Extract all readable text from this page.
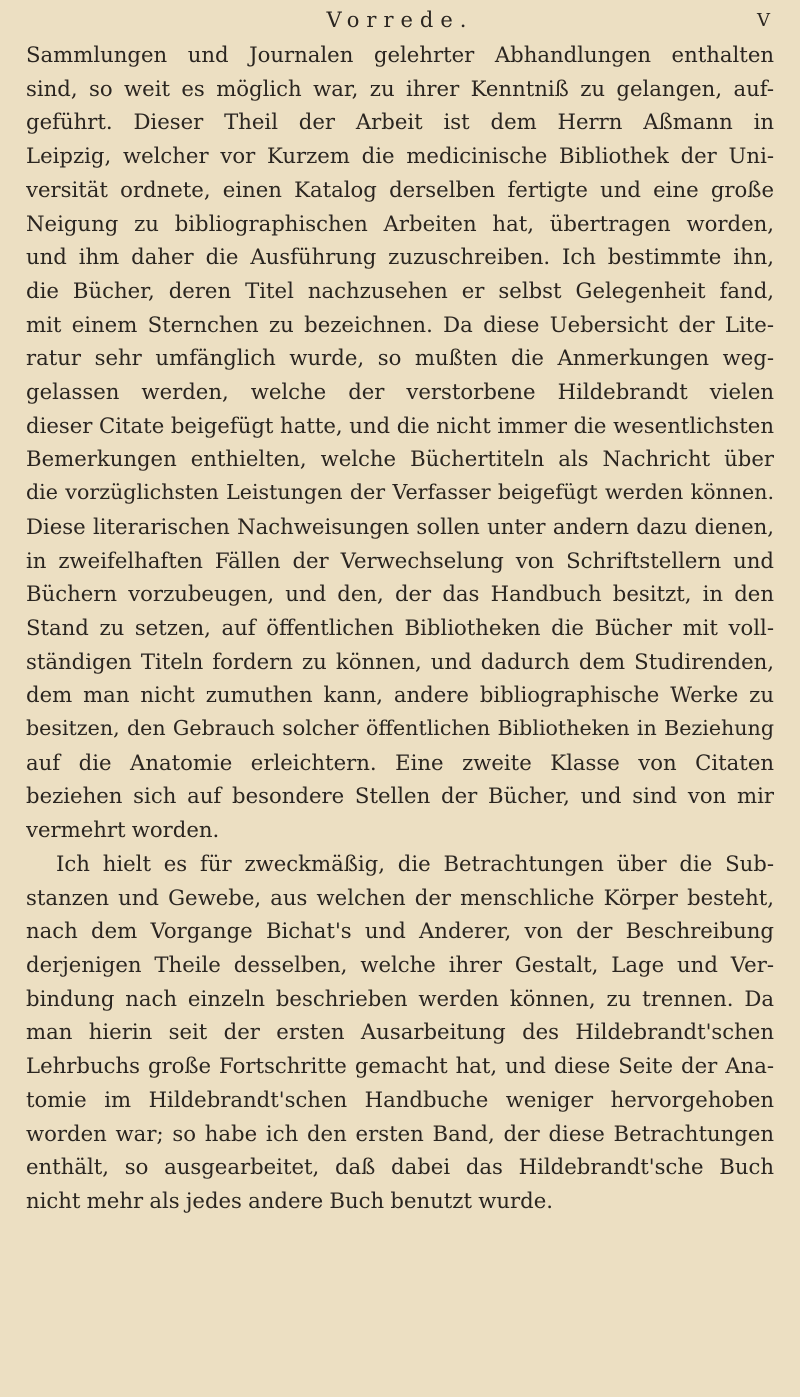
Vorrede.	V

Sammlungen und Journalen gelehrter Abhandlungen enthalten
sind, so weit es möglich war, zu ihrer Kenntniß zu gelangen, auf-
geführt. Dieser Theil der Arbeit ist dem Herrn Aßmann in
Leipzig, welcher vor Kurzem die medicinische Bibliothek der Uni-
versität ordnete, einen Katalog derselben fertigte und eine große
Neigung zu bibliographischen Arbeiten hat, übertragen worden,
und ihm daher die Ausführung zuzuschreiben. Ich bestimmte ihn,
die Bücher, deren Titel nachzusehen er selbst Gelegenheit fand,
mit einem Sternchen zu bezeichnen. Da diese Uebersicht der Lite-
ratur sehr umfänglich wurde, so mußten die Anmerkungen weg-
gelassen werden, welche der verstorbene Hildebrandt vielen
dieser Citate beigefügt hatte, und die nicht immer die wesentlichsten
Bemerkungen enthielten, welche Büchertiteln als Nachricht über
die vorzüglichsten Leistungen der Verfasser beigefügt werden können.
Diese literarischen Nachweisungen sollen unter andern dazu dienen,
in zweifelhaften Fällen der Verwechselung von Schriftstellern und
Büchern vorzubeugen, und den, der das Handbuch besitzt, in den
Stand zu setzen, auf öffentlichen Bibliotheken die Bücher mit voll-
ständigen Titeln fordern zu können, und dadurch dem Studirenden,
dem man nicht zumuthen kann, andere bibliographische Werke zu
besitzen, den Gebrauch solcher öffentlichen Bibliotheken in Beziehung
auf die Anatomie erleichtern. Eine zweite Klasse von Citaten
beziehen sich auf besondere Stellen der Bücher, und sind von mir
vermehrt worden.

Ich hielt es für zweckmäßig, die Betrachtungen über die Sub-
stanzen und Gewebe, aus welchen der menschliche Körper besteht,
nach dem Vorgange Bichat's und Anderer, von der Beschreibung
derjenigen Theile desselben, welche ihrer Gestalt, Lage und Ver-
bindung nach einzeln beschrieben werden können, zu trennen. Da
man hierin seit der ersten Ausarbeitung des Hildebrandt'schen
Lehrbuchs große Fortschritte gemacht hat, und diese Seite der Ana-
tomie im Hildebrandt'schen Handbuche weniger hervorgehoben
worden war; so habe ich den ersten Band, der diese Betrachtungen
enthält, so ausgearbeitet, daß dabei das Hildebrandt'sche Buch
nicht mehr als jedes andere Buch benutzt wurde.
